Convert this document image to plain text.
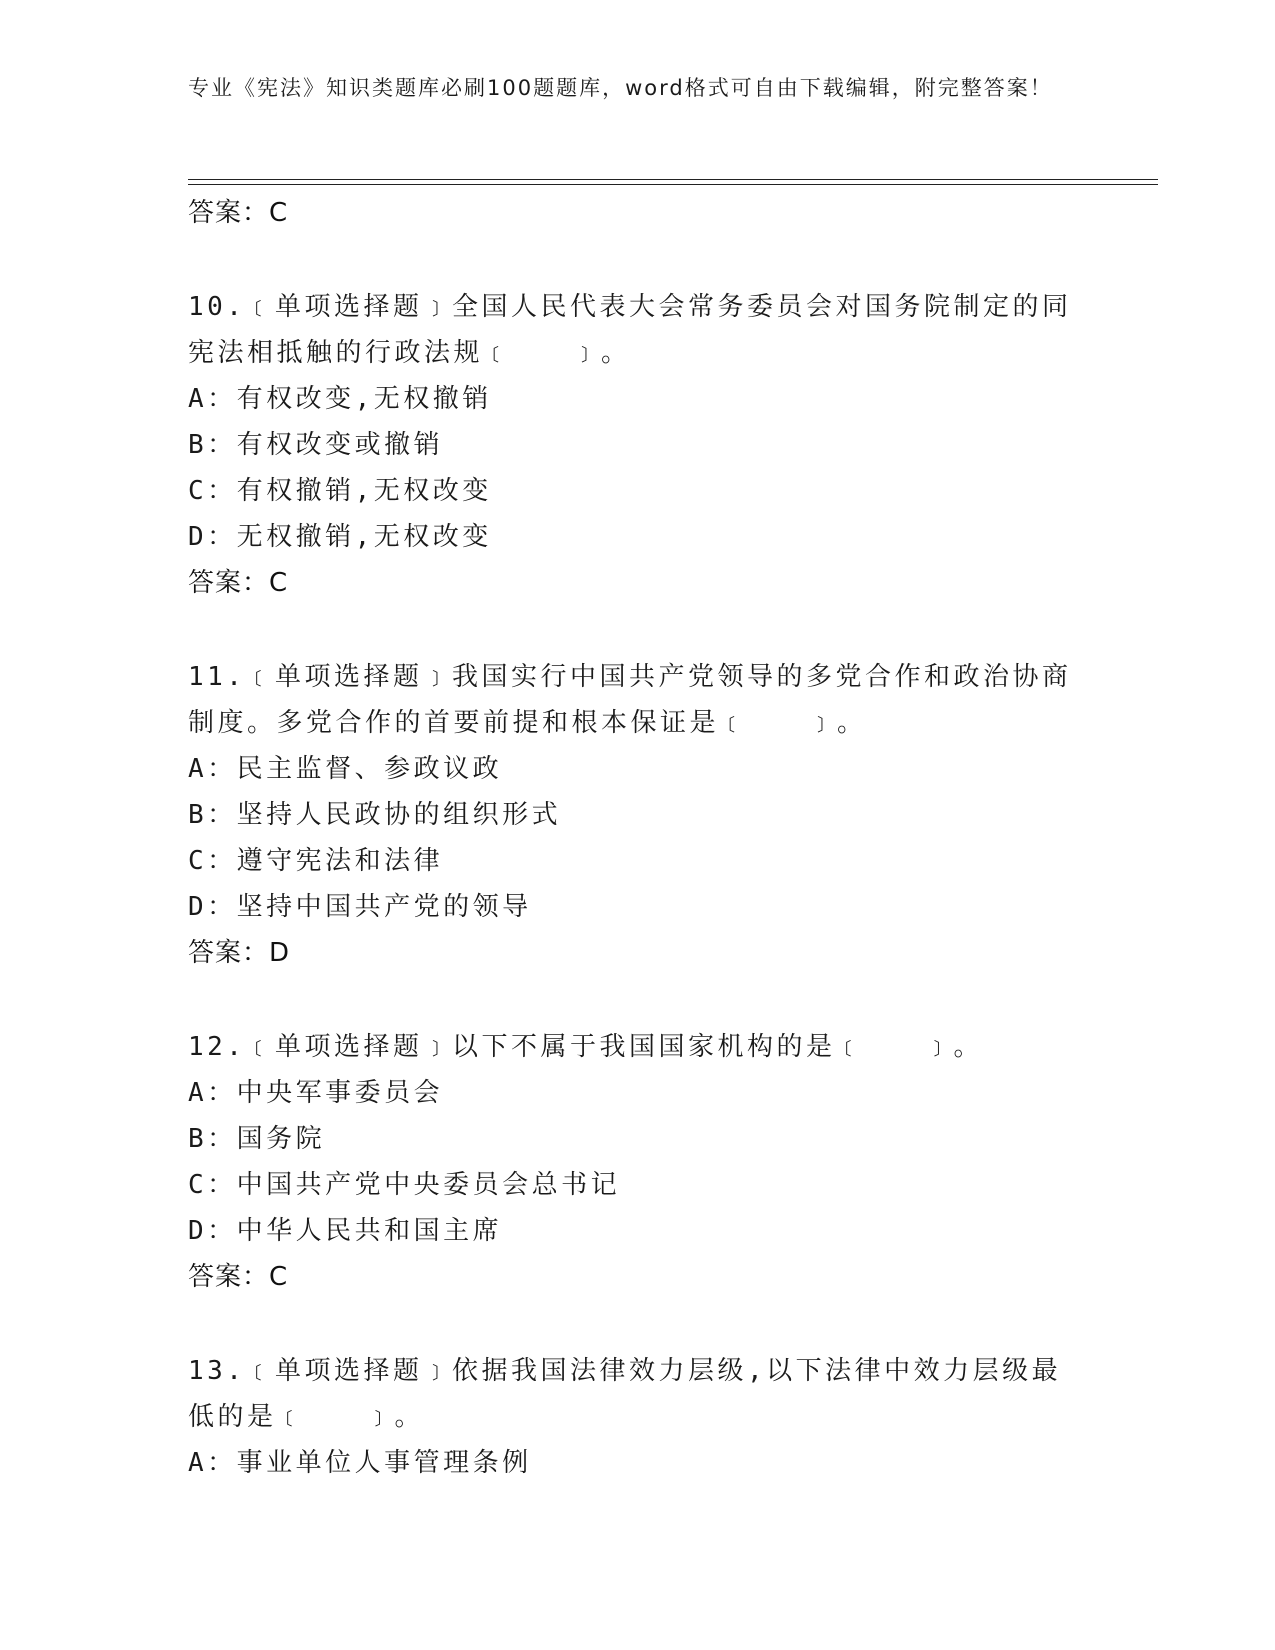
专业《宪法》知识类题库必刷100题题库，word格式可自由下载编辑，附完整答案！
答案：C
10.﹝单项选择题﹞全国人民代表大会常务委员会对国务院制定的同宪法相抵触的行政法规﹝　　﹞。
A：有权改变,无权撤销
B：有权改变或撤销
C：有权撤销,无权改变
D：无权撤销,无权改变
答案：C
11.﹝单项选择题﹞我国实行中国共产党领导的多党合作和政治协商制度。多党合作的首要前提和根本保证是﹝　　﹞。
A：民主监督、参政议政
B：坚持人民政协的组织形式
C：遵守宪法和法律
D：坚持中国共产党的领导
答案：D
12.﹝单项选择题﹞以下不属于我国国家机构的是﹝　　﹞。
A：中央军事委员会
B：国务院
C：中国共产党中央委员会总书记
D：中华人民共和国主席
答案：C
13.﹝单项选择题﹞依据我国法律效力层级,以下法律中效力层级最低的是﹝　　﹞。
A：事业单位人事管理条例
